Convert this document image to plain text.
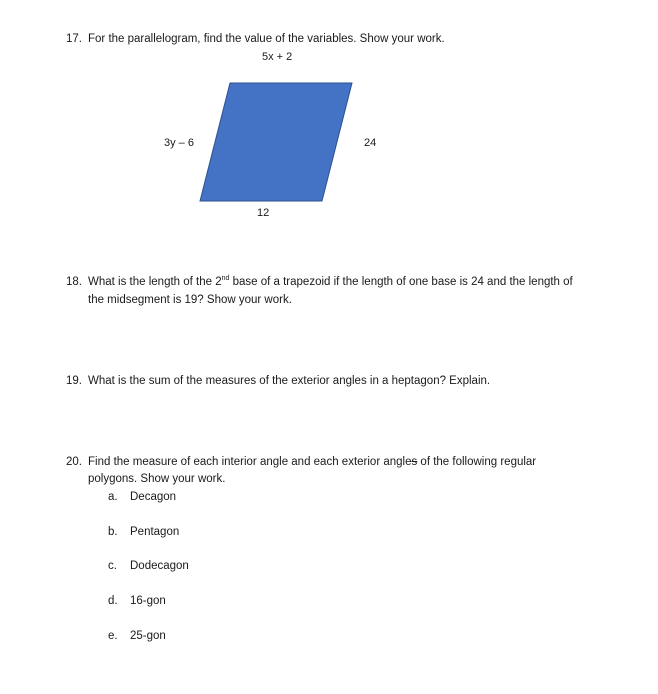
17. For the parallelogram, find the value of the variables. Show your work.
5x + 2
3y – 6	24
12
18. What is the length of the 2nd base of a trapezoid if the length of one base is 24 and the length of
the midsegment is 19? Show your work.
19. What is the sum of the measures of the exterior angles in a heptagon? Explain.
20. Find the measure of each interior angle and each exterior angles of the following regular
polygons. Show your work.
a. Decagon
b. Pentagon
c. Dodecagon
d. 16-gon
e. 25-gon
